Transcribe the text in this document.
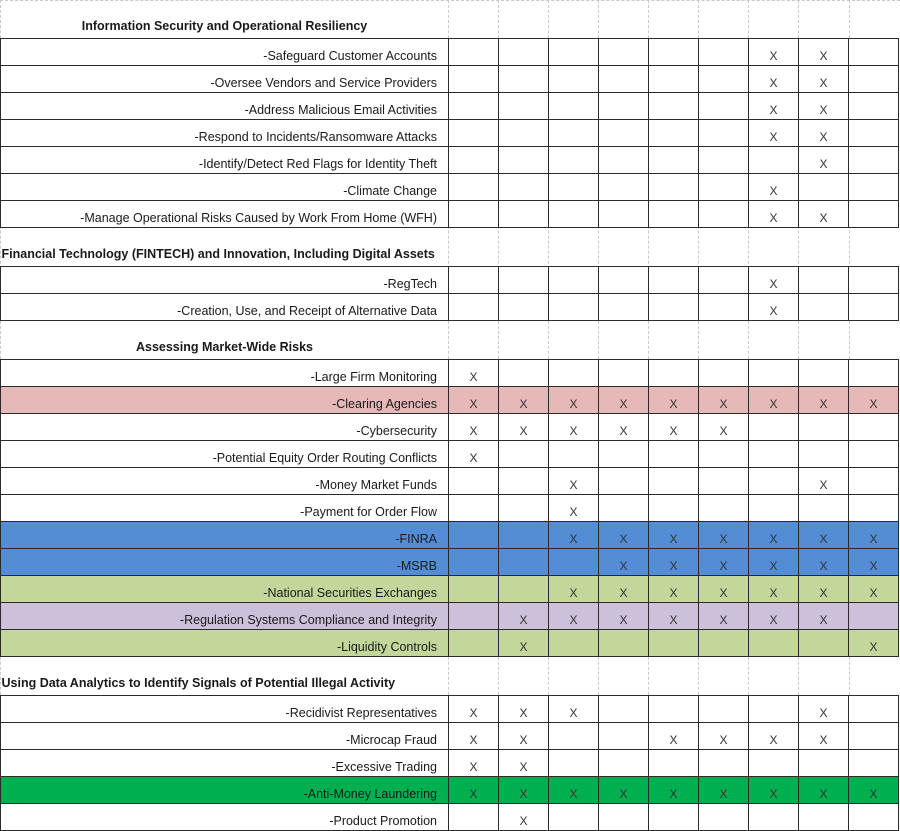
Information Security and Operational Resiliency									
-Safeguard Customer Accounts							X	X	
-Oversee Vendors and Service Providers							X	X	
-Address Malicious Email Activities							X	X	
-Respond to Incidents/Ransomware Attacks							X	X	
-Identify/Detect Red Flags for Identity Theft								X	
-Climate Change							X		
-Manage Operational Risks Caused by Work From Home (WFH)							X	X	
Financial Technology (FINTECH) and Innovation, Including Digital Assets									
-RegTech							X		
-Creation, Use, and Receipt of Alternative Data							X		
Assessing Market-Wide Risks									
-Large Firm Monitoring	X								
-Clearing Agencies	X	X	X	X	X	X	X	X	X
-Cybersecurity	X	X	X	X	X	X			
-Potential Equity Order Routing Conflicts	X								
-Money Market Funds			X					X	
-Payment for Order Flow			X						
-FINRA			X	X	X	X	X	X	X
-MSRB				X	X	X	X	X	X
-National Securities Exchanges			X	X	X	X	X	X	X
-Regulation Systems Compliance and Integrity		X	X	X	X	X	X	X	
-Liquidity Controls		X							X
Using Data Analytics to Identify Signals of Potential Illegal Activity									
-Recidivist Representatives	X	X	X					X	
-Microcap Fraud	X	X			X	X	X	X	
-Excessive Trading	X	X							
-Anti-Money Laundering	X	X	X	X	X	X	X	X	X
-Product Promotion		X							
